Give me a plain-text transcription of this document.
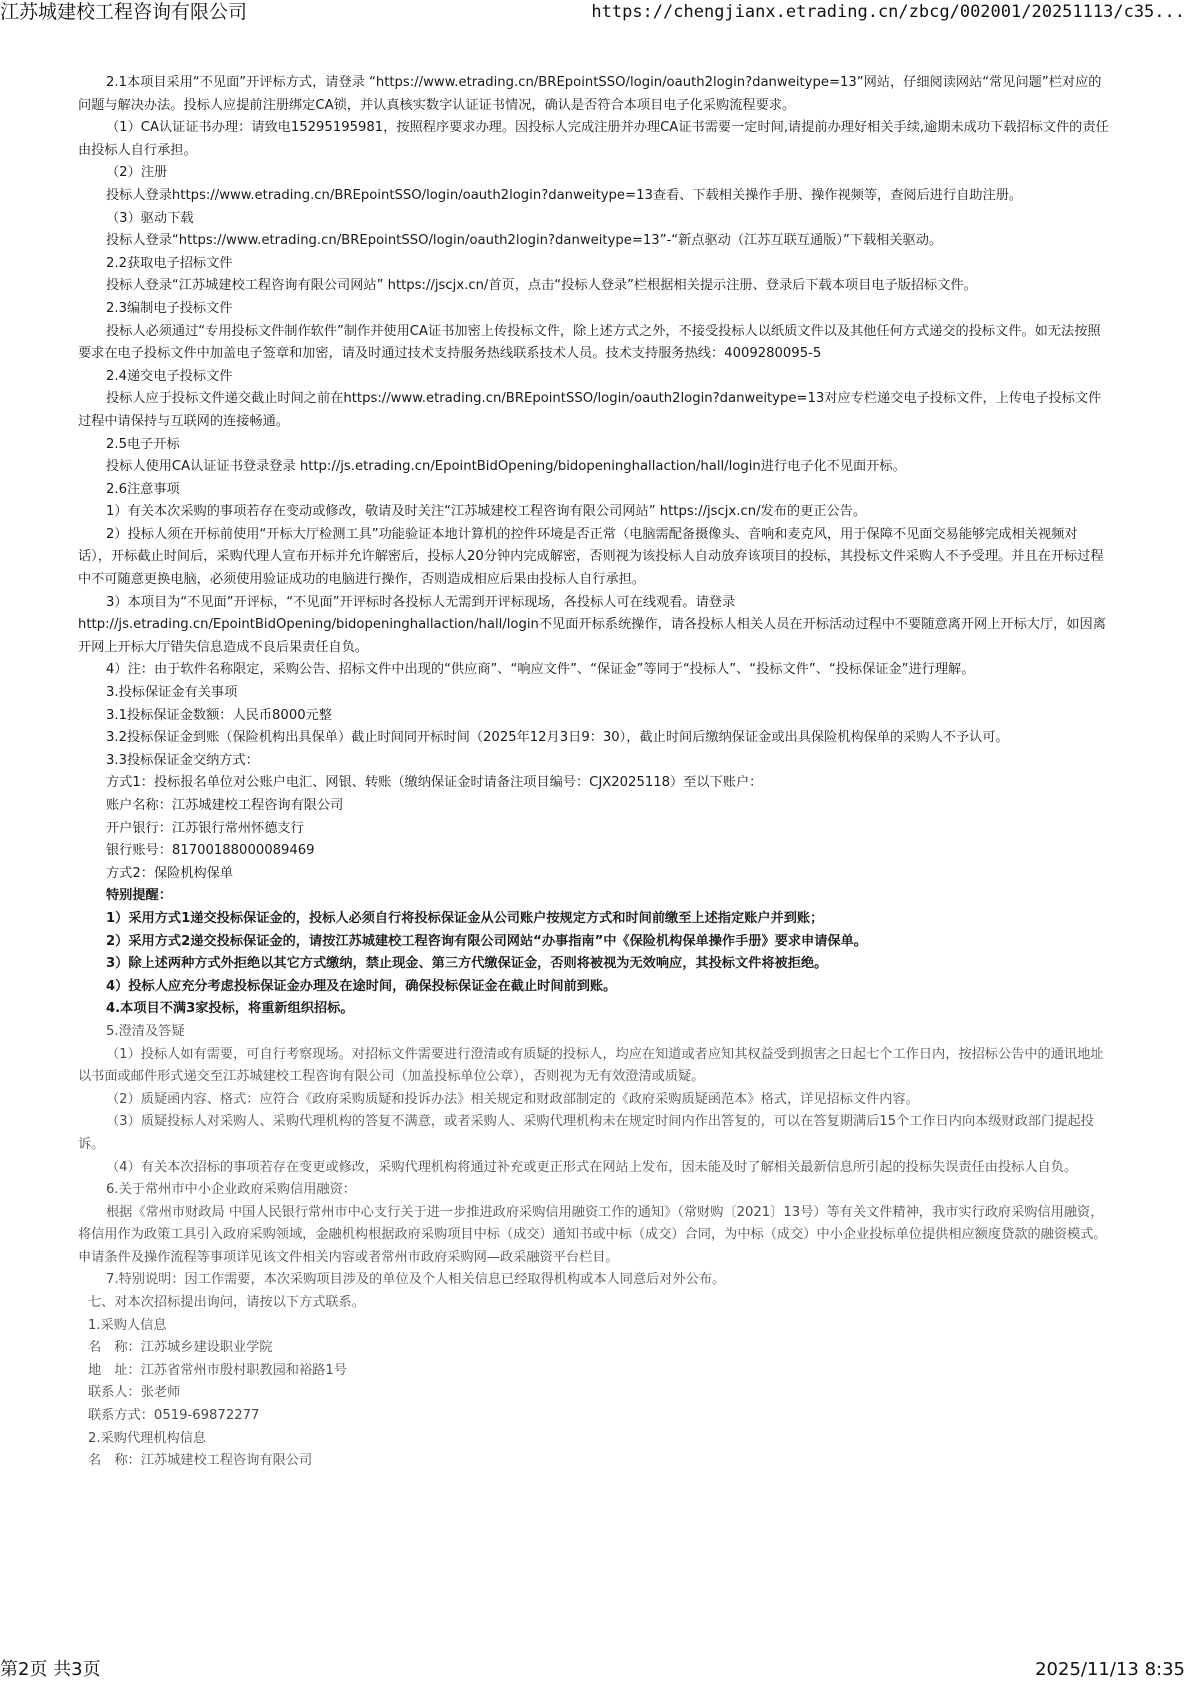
江苏城建校工程咨询有限公司	https://chengjianx.etrading.cn/zbcg/002001/20251113/c35...

2.1本项目采用“不见面”开评标方式，请登录 “https://www.etrading.cn/BREpointSSO/login/oauth2login?danweitype=13”网站，仔细阅读网站“常见问题”栏对应的问题与解决办法。投标人应提前注册绑定CA锁，并认真核实数字认证证书情况，确认是否符合本项目电子化采购流程要求。

（1）CA认证证书办理：请致电15295195981，按照程序要求办理。因投标人完成注册并办理CA证书需要一定时间,请提前办理好相关手续,逾期未成功下载招标文件的责任由投标人自行承担。

（2）注册

投标人登录https://www.etrading.cn/BREpointSSO/login/oauth2login?danweitype=13查看、下载相关操作手册、操作视频等，查阅后进行自助注册。

（3）驱动下载

投标人登录“https://www.etrading.cn/BREpointSSO/login/oauth2login?danweitype=13”-“新点驱动（江苏互联互通版）”下载相关驱动。

2.2获取电子招标文件

投标人登录“江苏城建校工程咨询有限公司网站” https://jscjx.cn/首页，点击“投标人登录”栏根据相关提示注册、登录后下载本项目电子版招标文件。

2.3编制电子投标文件

投标人必须通过“专用投标文件制作软件”制作并使用CA证书加密上传投标文件，除上述方式之外，不接受投标人以纸质文件以及其他任何方式递交的投标文件。如无法按照要求在电子投标文件中加盖电子签章和加密，请及时通过技术支持服务热线联系技术人员。技术支持服务热线：4009280095-5

2.4递交电子投标文件

投标人应于投标文件递交截止时间之前在https://www.etrading.cn/BREpointSSO/login/oauth2login?danweitype=13对应专栏递交电子投标文件，上传电子投标文件过程中请保持与互联网的连接畅通。

2.5电子开标

投标人使用CA认证证书登录登录 http://js.etrading.cn/EpointBidOpening/bidopeninghallaction/hall/login进行电子化不见面开标。

2.6注意事项

1）有关本次采购的事项若存在变动或修改，敬请及时关注“江苏城建校工程咨询有限公司网站” https://jscjx.cn/发布的更正公告。

2）投标人须在开标前使用“开标大厅检测工具”功能验证本地计算机的控件环境是否正常（电脑需配备摄像头、音响和麦克风，用于保障不见面交易能够完成相关视频对话），开标截止时间后，采购代理人宣布开标并允许解密后，投标人20分钟内完成解密，否则视为该投标人自动放弃该项目的投标，其投标文件采购人不予受理。并且在开标过程中不可随意更换电脑，必须使用验证成功的电脑进行操作，否则造成相应后果由投标人自行承担。

3）本项目为“不见面”开评标，“不见面”开评标时各投标人无需到开评标现场，各投标人可在线观看。请登录 http://js.etrading.cn/EpointBidOpening/bidopeninghallaction/hall/login不见面开标系统操作，请各投标人相关人员在开标活动过程中不要随意离开网上开标大厅，如因离开网上开标大厅错失信息造成不良后果责任自负。

4）注：由于软件名称限定，采购公告、招标文件中出现的“供应商”、“响应文件”、“保证金”等同于“投标人”、“投标文件”、“投标保证金”进行理解。

3.投标保证金有关事项

3.1投标保证金数额：人民币8000元整

3.2投标保证金到账（保险机构出具保单）截止时间同开标时间（2025年12月3日9：30），截止时间后缴纳保证金或出具保险机构保单的采购人不予认可。

3.3投标保证金交纳方式：

方式1：投标报名单位对公账户电汇、网银、转账（缴纳保证金时请备注项目编号：CJX2025118）至以下账户：

账户名称：江苏城建校工程咨询有限公司

开户银行：江苏银行常州怀德支行

银行账号：81700188000089469

方式2：保险机构保单

特别提醒：

1）采用方式1递交投标保证金的，投标人必须自行将投标保证金从公司账户按规定方式和时间前缴至上述指定账户并到账；

2）采用方式2递交投标保证金的，请按江苏城建校工程咨询有限公司网站“办事指南”中《保险机构保单操作手册》要求申请保单。

3）除上述两种方式外拒绝以其它方式缴纳，禁止现金、第三方代缴保证金，否则将被视为无效响应，其投标文件将被拒绝。

4）投标人应充分考虑投标保证金办理及在途时间，确保投标保证金在截止时间前到账。

4.本项目不满3家投标，将重新组织招标。

5.澄清及答疑

（1）投标人如有需要，可自行考察现场。对招标文件需要进行澄清或有质疑的投标人，均应在知道或者应知其权益受到损害之日起七个工作日内，按招标公告中的通讯地址以书面或邮件形式递交至江苏城建校工程咨询有限公司（加盖投标单位公章），否则视为无有效澄清或质疑。

（2）质疑函内容、格式：应符合《政府采购质疑和投诉办法》相关规定和财政部制定的《政府采购质疑函范本》格式，详见招标文件内容。

（3）质疑投标人对采购人、采购代理机构的答复不满意，或者采购人、采购代理机构未在规定时间内作出答复的，可以在答复期满后15个工作日内向本级财政部门提起投诉。

（4）有关本次招标的事项若存在变更或修改，采购代理机构将通过补充或更正形式在网站上发布，因未能及时了解相关最新信息所引起的投标失误责任由投标人自负。

6.关于常州市中小企业政府采购信用融资：

根据《常州市财政局 中国人民银行常州市中心支行关于进一步推进政府采购信用融资工作的通知》（常财购〔2021〕13号）等有关文件精神，我市实行政府采购信用融资，将信用作为政策工具引入政府采购领域，金融机构根据政府采购项目中标（成交）通知书或中标（成交）合同，为中标（成交）中小企业投标单位提供相应额度贷款的融资模式。申请条件及操作流程等事项详见该文件相关内容或者常州市政府采购网—政采融资平台栏目。

7.特别说明：因工作需要，本次采购项目涉及的单位及个人相关信息已经取得机构或本人同意后对外公布。

七、对本次招标提出询问，请按以下方式联系。

1.采购人信息

名　称：江苏城乡建设职业学院

地　址：江苏省常州市殷村职教园和裕路1号

联系人：张老师

联系方式：0519-69872277

2.采购代理机构信息

名　称：江苏城建校工程咨询有限公司

第2页 共3页	2025/11/13 8:35
